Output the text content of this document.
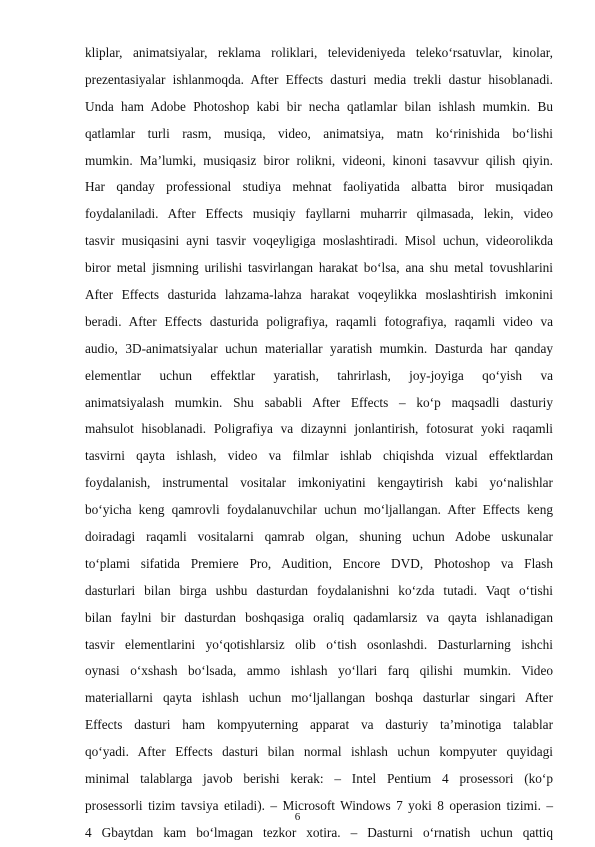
kliplar, animatsiyalar, reklama roliklari, televideniyeda teleko‘rsatuvlar, kinolar,
prezentasiyalar ishlanmoqda. After Effects dasturi media trekli dastur hisoblanadi.
Unda ham Adobe Photoshop kabi bir necha qatlamlar bilan ishlash mumkin. Bu
qatlamlar turli rasm, musiqa, video, animatsiya, matn ko‘rinishida bo‘lishi
mumkin. Ma’lumki, musiqasiz biror rolikni, videoni, kinoni tasavvur qilish qiyin.
Har qanday professional studiya mehnat faoliyatida albatta biror musiqadan
foydalaniladi. After Effects musiqiy fayllarni muharrir qilmasada, lekin, video
tasvir musiqasini ayni tasvir voqeyligiga moslashtiradi. Misol uchun, videorolikda
biror metal jismning urilishi tasvirlangan harakat bo‘lsa, ana shu metal tovushlarini
After Effects dasturida lahzama-lahza harakat voqeylikka moslashtirish imkonini
beradi. After Effects dasturida poligrafiya, raqamli fotografiya, raqamli video va
audio, 3D-animatsiyalar uchun materiallar yaratish mumkin. Dasturda har qanday
elementlar uchun effektlar yaratish, tahrirlash, joy-joyiga qo‘yish va
animatsiyalash mumkin. Shu sababli After Effects – ko‘p maqsadli dasturiy
mahsulot hisoblanadi. Poligrafiya va dizaynni jonlantirish, fotosurat yoki raqamli
tasvirni qayta ishlash, video va filmlar ishlab chiqishda vizual effektlardan
foydalanish, instrumental vositalar imkoniyatini kengaytirish kabi yo‘nalishlar
bo‘yicha keng qamrovli foydalanuvchilar uchun mo‘ljallangan. After Effects keng
doiradagi raqamli vositalarni qamrab olgan, shuning uchun Adobe uskunalar
to‘plami sifatida Premiere Pro, Audition, Encore DVD, Photoshop va Flash
dasturlari bilan birga ushbu dasturdan foydalanishni ko‘zda tutadi. Vaqt o‘tishi
bilan faylni bir dasturdan boshqasiga oraliq qadamlarsiz va qayta ishlanadigan
tasvir elementlarini yo‘qotishlarsiz olib o‘tish osonlashdi. Dasturlarning ishchi
oynasi o‘xshash bo‘lsada, ammo ishlash yo‘llari farq qilishi mumkin. Video
materiallarni qayta ishlash uchun mo‘ljallangan boshqa dasturlar singari After
Effects dasturi ham kompyuterning apparat va dasturiy ta’minotiga talablar
qo‘yadi. After Effects dasturi bilan normal ishlash uchun kompyuter quyidagi
minimal talablarga javob berishi kerak: – Intel Pentium 4 prosessori (ko‘p
prosessorli tizim tavsiya etiladi). – Microsoft Windows 7 yoki 8 operasion tizimi. –
4 Gbaytdan kam bo‘lmagan tezkor xotira. – Dasturni o‘rnatish uchun qattiq
6
